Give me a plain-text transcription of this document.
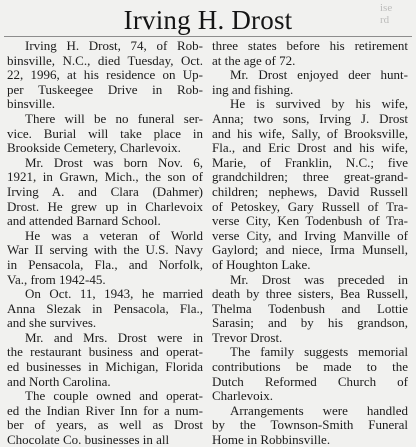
ise
rd
Irving H. Drost

Irving H. Drost, 74, of Rob-
binsville, N.C., died Tuesday, Oct.
22, 1996, at his residence on Up-
per Tuskeegee Drive in Rob-
binsville.

There will be no funeral ser-
vice. Burial will take place in
Brookside Cemetery, Charlevoix.

Mr. Drost was born Nov. 6,
1921, in Grawn, Mich., the son of
Irving A. and Clara (Dahmer)
Drost. He grew up in Charlevoix
and attended Barnard School.

He was a veteran of World
War II serving with the U.S. Navy
in Pensacola, Fla., and Norfolk,
Va., from 1942-45.

On Oct. 11, 1943, he married
Anna Slezak in Pensacola, Fla.,
and she survives.

Mr. and Mrs. Drost were in
the restaurant business and operat-
ed businesses in Michigan, Florida
and North Carolina.

The couple owned and operat-
ed the Indian River Inn for a num-
ber of years, as well as Drost
Chocolate Co. businesses in all

three states before his retirement
at the age of 72.

Mr. Drost enjoyed deer hunt-
ing and fishing.

He is survived by his wife,
Anna; two sons, Irving J. Drost
and his wife, Sally, of Brooksville,
Fla., and Eric Drost and his wife,
Marie, of Franklin, N.C.; five
grandchildren; three great-grand-
children; nephews, David Russell
of Petoskey, Gary Russell of Tra-
verse City, Ken Todenbush of Tra-
verse City, and Irving Manville of
Gaylord; and niece, Irma Munsell,
of Houghton Lake.

Mr. Drost was preceded in
death by three sisters, Bea Russell,
Thelma Todenbush and Lottie
Sarasin; and by his grandson,
Trevor Drost.

The family suggests memorial
contributions be made to the
Dutch Reformed Church of
Charlevoix.

Arrangements were handled
by the Townson-Smith Funeral
Home in Robbinsville.
